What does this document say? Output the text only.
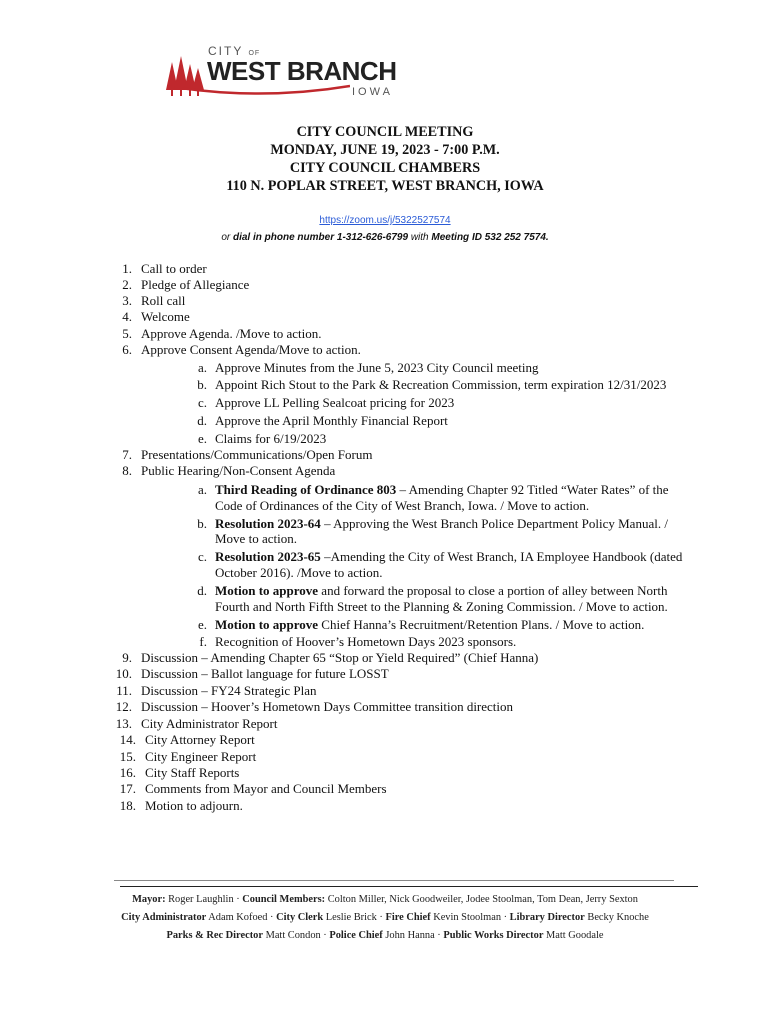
CITY OF
WEST BRANCH
IOWA
CITY COUNCIL MEETING
MONDAY, JUNE 19, 2023 - 7:00 P.M.
CITY COUNCIL CHAMBERS
110 N. POPLAR STREET, WEST BRANCH, IOWA
https://zoom.us/j/5322527574
or dial in phone number 1-312-626-6799 with Meeting ID 532 252 7574.
1. Call to order
2. Pledge of Allegiance
3. Roll call
4. Welcome
5. Approve Agenda. /Move to action.
6. Approve Consent Agenda/Move to action.
a. Approve Minutes from the June 5, 2023 City Council meeting
b. Appoint Rich Stout to the Park & Recreation Commission, term expiration 12/31/2023
c. Approve LL Pelling Sealcoat pricing for 2023
d. Approve the April Monthly Financial Report
e. Claims for 6/19/2023
7. Presentations/Communications/Open Forum
8. Public Hearing/Non-Consent Agenda
a. Third Reading of Ordinance 803 – Amending Chapter 92 Titled “Water Rates” of the
Code of Ordinances of the City of West Branch, Iowa. / Move to action.
b. Resolution 2023-64 – Approving the West Branch Police Department Policy Manual. /
Move to action.
c. Resolution 2023-65 –Amending the City of West Branch, IA Employee Handbook (dated
October 2016). /Move to action.
d. Motion to approve and forward the proposal to close a portion of alley between North
Fourth and North Fifth Street to the Planning & Zoning Commission. / Move to action.
e. Motion to approve Chief Hanna’s Recruitment/Retention Plans. / Move to action.
f. Recognition of Hoover’s Hometown Days 2023 sponsors.
9. Discussion – Amending Chapter 65 “Stop or Yield Required” (Chief Hanna)
10. Discussion – Ballot language for future LOSST
11. Discussion – FY24 Strategic Plan
12. Discussion – Hoover’s Hometown Days Committee transition direction
13. City Administrator Report
14. City Attorney Report
15. City Engineer Report
16. City Staff Reports
17. Comments from Mayor and Council Members
18. Motion to adjourn.
Mayor: Roger Laughlin · Council Members: Colton Miller, Nick Goodweiler, Jodee Stoolman, Tom Dean, Jerry Sexton
City Administrator Adam Kofoed · City Clerk Leslie Brick · Fire Chief Kevin Stoolman · Library Director Becky Knoche
Parks & Rec Director Matt Condon · Police Chief John Hanna · Public Works Director Matt Goodale
